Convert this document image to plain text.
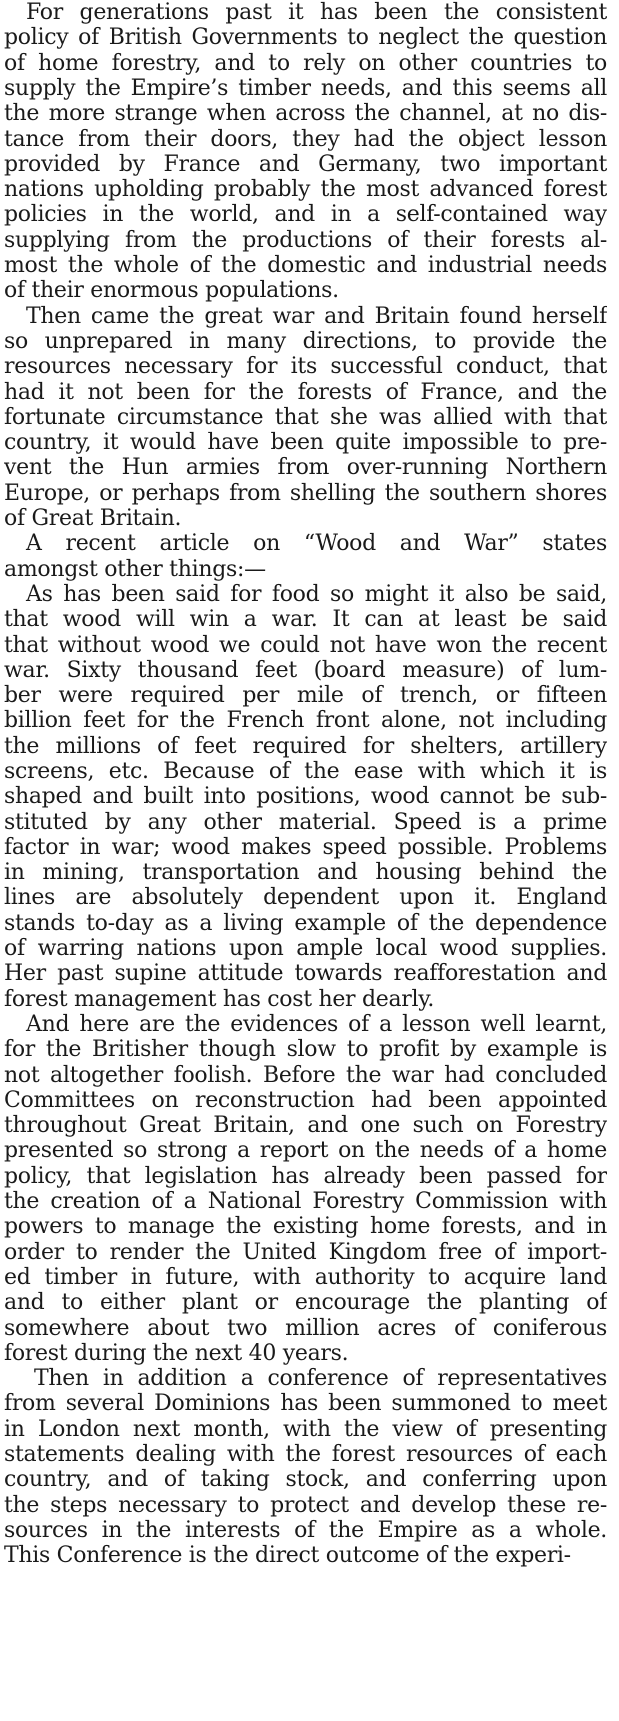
For generations past it has been the consistent
policy of British Governments to neglect the question
of home forestry, and to rely on other countries to
supply the Empire’s timber needs, and this seems all
the more strange when across the channel, at no dis-
tance from their doors, they had the object lesson
provided by France and Germany, two important
nations upholding probably the most advanced forest
policies in the world, and in a self-contained way
supplying from the productions of their forests al-
most the whole of the domestic and industrial needs
of their enormous populations.
Then came the great war and Britain found herself
so unprepared in many directions, to provide the
resources necessary for its successful conduct, that
had it not been for the forests of France, and the
fortunate circumstance that she was allied with that
country, it would have been quite impossible to pre-
vent the Hun armies from over-running Northern
Europe, or perhaps from shelling the southern shores
of Great Britain.
A recent article on “Wood and War” states
amongst other things:—
As has been said for food so might it also be said,
that wood will win a war. It can at least be said
that without wood we could not have won the recent
war. Sixty thousand feet (board measure) of lum-
ber were required per mile of trench, or fifteen
billion feet for the French front alone, not including
the millions of feet required for shelters, artillery
screens, etc. Because of the ease with which it is
shaped and built into positions, wood cannot be sub-
stituted by any other material. Speed is a prime
factor in war; wood makes speed possible. Problems
in mining, transportation and housing behind the
lines are absolutely dependent upon it. England
stands to-day as a living example of the dependence
of warring nations upon ample local wood supplies.
Her past supine attitude towards reafforestation and
forest management has cost her dearly.
And here are the evidences of a lesson well learnt,
for the Britisher though slow to profit by example is
not altogether foolish. Before the war had concluded
Committees on reconstruction had been appointed
throughout Great Britain, and one such on Forestry
presented so strong a report on the needs of a home
policy, that legislation has already been passed for
the creation of a National Forestry Commission with
powers to manage the existing home forests, and in
order to render the United Kingdom free of import-
ed timber in future, with authority to acquire land
and to either plant or encourage the planting of
somewhere about two million acres of coniferous
forest during the next 40 years.
Then in addition a conference of representatives
from several Dominions has been summoned to meet
in London next month, with the view of presenting
statements dealing with the forest resources of each
country, and of taking stock, and conferring upon
the steps necessary to protect and develop these re-
sources in the interests of the Empire as a whole.
This Conference is the direct outcome of the experi-
